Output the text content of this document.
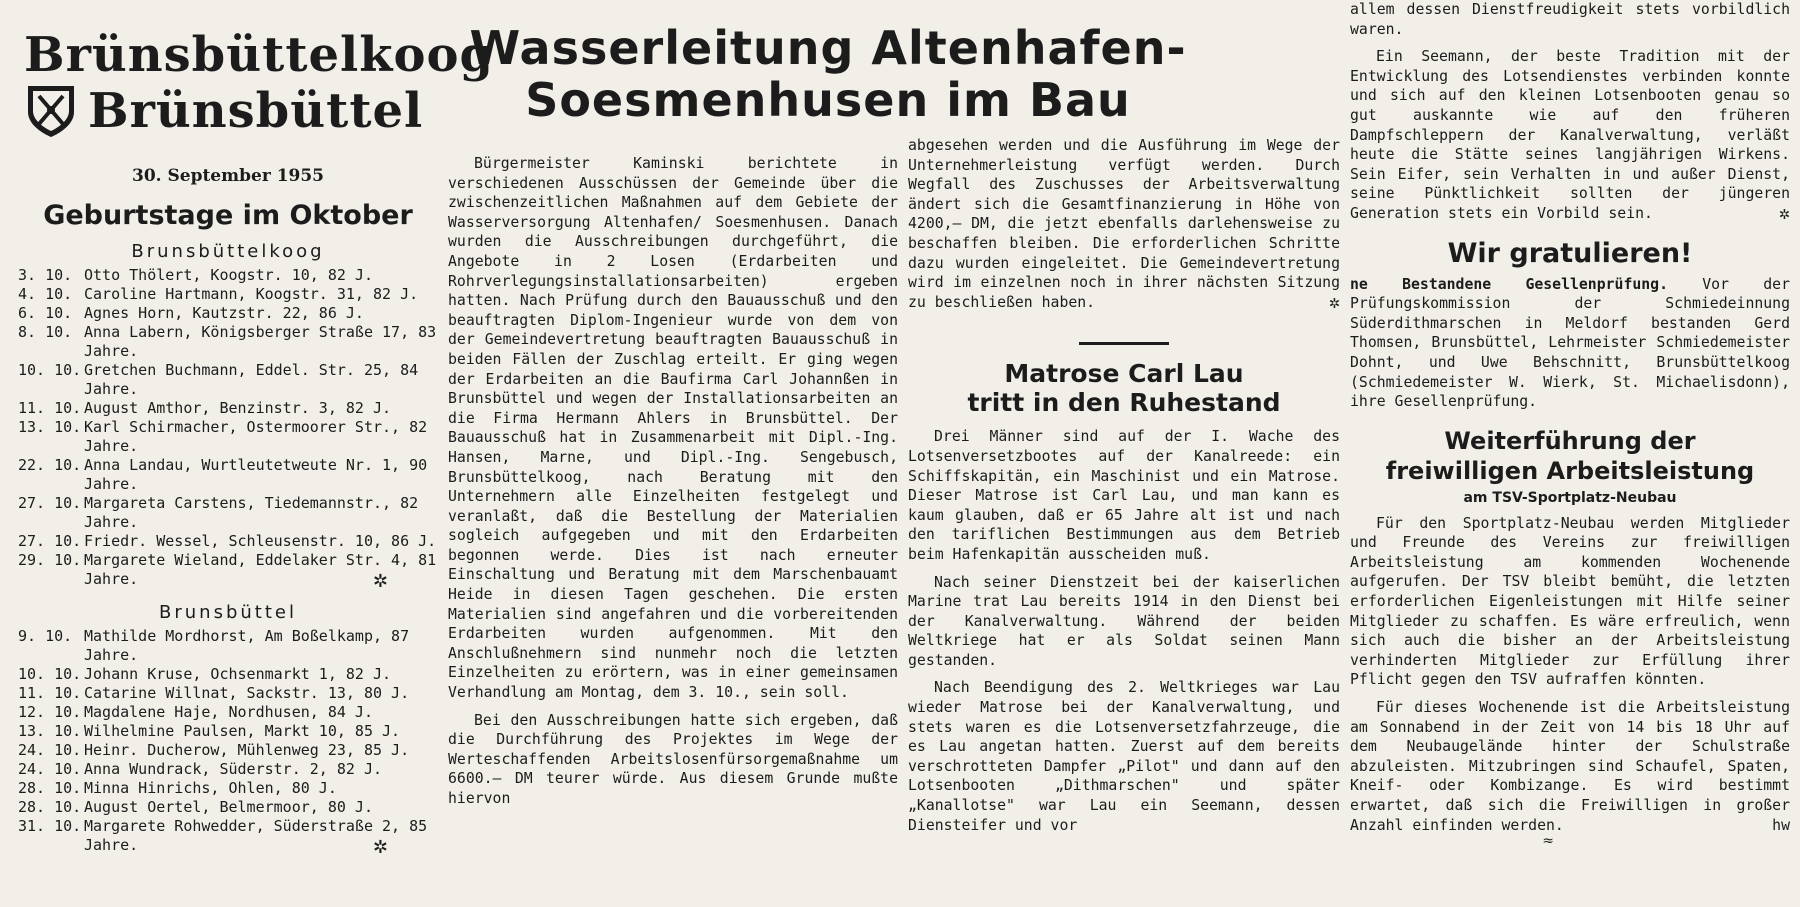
Brünsbüttelkoog
Brünsbüttel
30. September 1955
Geburtstage im Oktober
Brunsbüttelkoog
3. 10. Otto Thölert, Koogstr. 10, 82 J.
4. 10. Caroline Hartmann, Koogstr. 31, 82 J.
6. 10. Agnes Horn, Kautzstr. 22, 86 J.
8. 10. Anna Labern, Königsberger Straße 17, 83 Jahre.
10. 10. Gretchen Buchmann, Eddel. Str. 25, 84 Jahre.
11. 10. August Amthor, Benzinstr. 3, 82 J.
13. 10. Karl Schirmacher, Ostermoorer Str., 82 Jahre.
22. 10. Anna Landau, Wurtleutetweute Nr. 1, 90 Jahre.
27. 10. Margareta Carstens, Tiedemannstr., 82 Jahre.
27. 10. Friedr. Wessel, Schleusenstr. 10, 86 J.
29. 10. Margarete Wieland, Eddelaker Str. 4, 81 Jahre.	✲
Brunsbüttel
9. 10. Mathilde Mordhorst, Am Boßelkamp, 87 Jahre.
10. 10. Johann Kruse, Ochsenmarkt 1, 82 J.
11. 10. Catarine Willnat, Sackstr. 13, 80 J.
12. 10. Magdalene Haje, Nordhusen, 84 J.
13. 10. Wilhelmine Paulsen, Markt 10, 85 J.
24. 10. Heinr. Ducherow, Mühlenweg 23, 85 J.
24. 10. Anna Wundrack, Süderstr. 2, 82 J.
28. 10. Minna Hinrichs, Ohlen, 80 J.
28. 10. August Oertel, Belmermoor, 80 J.
31. 10. Margarete Rohwedder, Süderstraße 2, 85 Jahre.	✲
Wasserleitung Altenhafen-
Soesmenhusen im Bau

Bürgermeister Kaminski berichtete in verschiedenen Ausschüssen der Gemeinde über die zwischenzeitlichen Maßnahmen auf dem Gebiete der Wasserversorgung Altenhafen/ Soesmenhusen. Danach wurden die Ausschreibungen durchgeführt, die Angebote in 2 Losen (Erdarbeiten und Rohrverlegungsinstallationsarbeiten) ergeben hatten. Nach Prüfung durch den Bauausschuß und den beauftragten Diplom-Ingenieur wurde von dem von der Gemeindevertretung beauftragten Bauausschuß in beiden Fällen der Zuschlag erteilt. Er ging wegen der Erdarbeiten an die Baufirma Carl Johannßen in Brunsbüttel und wegen der Installationsarbeiten an die Firma Hermann Ahlers in Brunsbüttel. Der Bauausschuß hat in Zusammenarbeit mit Dipl.-Ing. Hansen, Marne, und Dipl.-Ing. Sengebusch, Brunsbüttelkoog, nach Beratung mit den Unternehmern alle Einzelheiten festgelegt und veranlaßt, daß die Bestellung der Materialien sogleich aufgegeben und mit den Erdarbeiten begonnen werde. Dies ist nach erneuter Einschaltung und Beratung mit dem Marschenbauamt Heide in diesen Tagen geschehen. Die ersten Materialien sind angefahren und die vorbereitenden Erdarbeiten wurden aufgenommen. Mit den Anschlußnehmern sind nunmehr noch die letzten Einzelheiten zu erörtern, was in einer gemeinsamen Verhandlung am Montag, dem 3. 10., sein soll.

Bei den Ausschreibungen hatte sich ergeben, daß die Durchführung des Projektes im Wege der Werteschaffenden Arbeitslosenfürsorgemaßnahme um 6600.— DM teurer würde. Aus diesem Grunde mußte hiervon

abgesehen werden und die Ausführung im Wege der Unternehmerleistung verfügt werden. Durch Wegfall des Zuschusses der Arbeitsverwaltung ändert sich die Gesamtfinanzierung in Höhe von 4200,— DM, die jetzt ebenfalls darlehensweise zu beschaffen bleiben. Die erforderlichen Schritte dazu wurden eingeleitet. Die Gemeindevertretung wird im einzelnen noch in ihrer nächsten Sitzung zu beschließen haben.	✲

Matrose Carl Lau
tritt in den Ruhestand

Drei Männer sind auf der I. Wache des Lotsenversetzbootes auf der Kanalreede: ein Schiffskapitän, ein Maschinist und ein Matrose. Dieser Matrose ist Carl Lau, und man kann es kaum glauben, daß er 65 Jahre alt ist und nach den tariflichen Bestimmungen aus dem Betrieb beim Hafenkapitän ausscheiden muß.

Nach seiner Dienstzeit bei der kaiserlichen Marine trat Lau bereits 1914 in den Dienst bei der Kanalverwaltung. Während der beiden Weltkriege hat er als Soldat seinen Mann gestanden.

Nach Beendigung des 2. Weltkrieges war Lau wieder Matrose bei der Kanalverwaltung, und stets waren es die Lotsenversetzfahrzeuge, die es Lau angetan hatten. Zuerst auf dem bereits verschrotteten Dampfer „Pilot" und dann auf den Lotsenbooten „Dithmarschen" und später „Kanallotse" war Lau ein Seemann, dessen Diensteifer und vor

allem dessen Dienstfreudigkeit stets vorbildlich waren.

Ein Seemann, der beste Tradition mit der Entwicklung des Lotsendienstes verbinden konnte und sich auf den kleinen Lotsenbooten genau so gut auskannte wie auf den früheren Dampfschleppern der Kanalverwaltung, verläßt heute die Stätte seines langjährigen Wirkens. Sein Eifer, sein Verhalten in und außer Dienst, seine Pünktlichkeit sollten der jüngeren Generation stets ein Vorbild sein.	✲

Wir gratulieren!

ne Bestandene Gesellenprüfung. Vor der Prüfungskommission der Schmiedeinnung Süderdithmarschen in Meldorf bestanden Gerd Thomsen, Brunsbüttel, Lehrmeister Schmiedemeister Dohnt, und Uwe Behschnitt, Brunsbüttelkoog (Schmiedemeister W. Wierk, St. Michaelisdonn), ihre Gesellenprüfung.

Weiterführung der
freiwilligen Arbeitsleistung
am TSV-Sportplatz-Neubau

Für den Sportplatz-Neubau werden Mitglieder und Freunde des Vereins zur freiwilligen Arbeitsleistung am kommenden Wochenende aufgerufen. Der TSV bleibt bemüht, die letzten erforderlichen Eigenleistungen mit Hilfe seiner Mitglieder zu schaffen. Es wäre erfreulich, wenn sich auch die bisher an der Arbeitsleistung verhinderten Mitglieder zur Erfüllung ihrer Pflicht gegen den TSV aufraffen könnten.

Für dieses Wochenende ist die Arbeitsleistung am Sonnabend in der Zeit von 14 bis 18 Uhr auf dem Neubaugelände hinter der Schulstraße abzuleisten. Mitzubringen sind Schaufel, Spaten, Kneif- oder Kombizange. Es wird bestimmt erwartet, daß sich die Freiwilligen in großer Anzahl einfinden werden.	hw

≈
